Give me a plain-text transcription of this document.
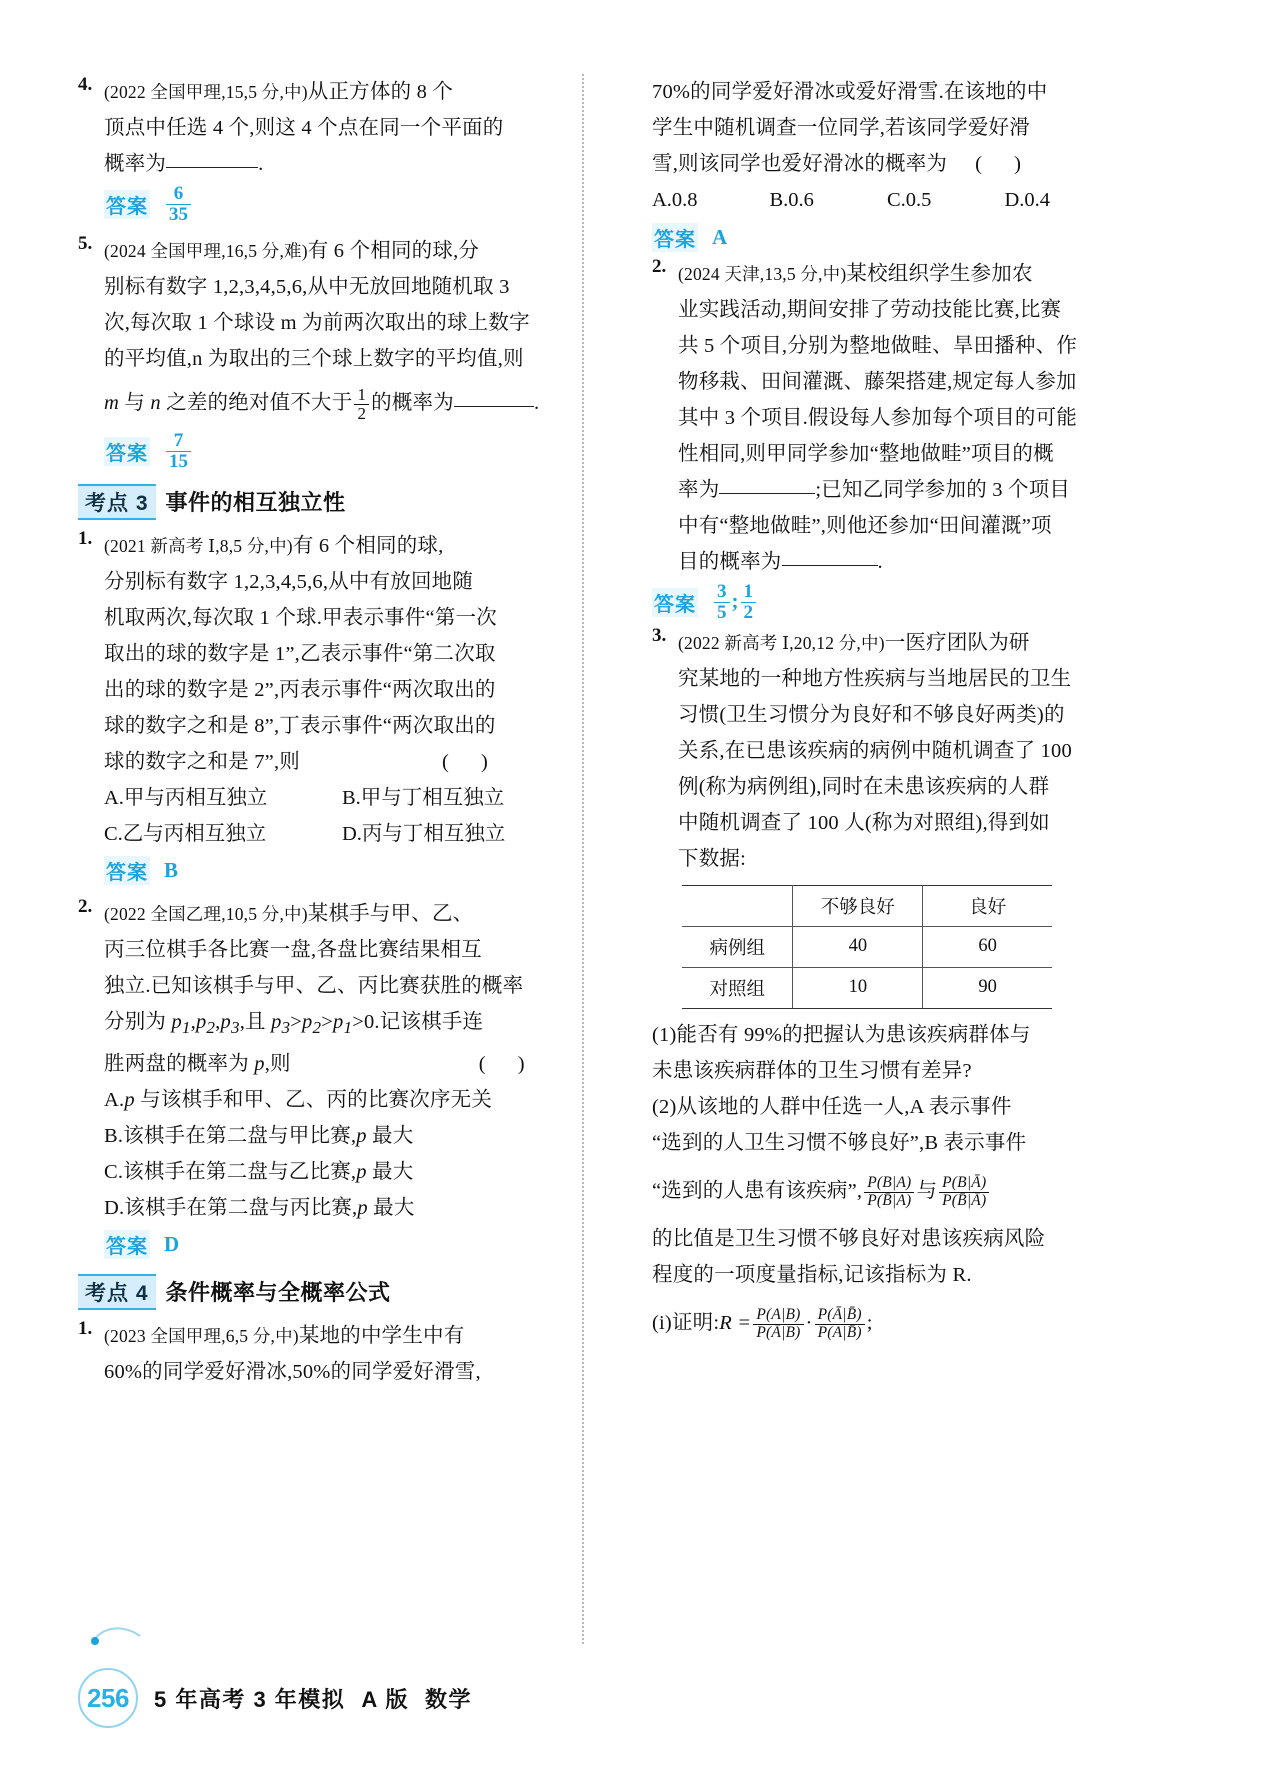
4. (2022 全国甲理,15,5 分,中)从正方体的 8 个
顶点中任选 4 个,则这 4 个点在同一个平面的
概率为	.
答案 $\frac{6}{35}$
5. (2024 全国甲理,16,5 分,难)有 6 个相同的球,分
别标有数字 1,2,3,4,5,6,从中无放回地随机取 3
次,每次取 1 个球设 m 为前两次取出的球上数字
的平均值,n 为取出的三个球上数字的平均值,则
m 与 n 之差的绝对值不大于 $\frac{1}{2}$ 的概率为	.
答案 $\frac{7}{15}$
考点 3 事件的相互独立性
1. (2021 新高考 Ⅰ,8,5 分,中)有 6 个相同的球,
分别标有数字 1,2,3,4,5,6,从中有放回地随
机取两次,每次取 1 个球.甲表示事件“第一次
取出的球的数字是 1”,乙表示事件“第二次取
出的球的数字是 2”,丙表示事件“两次取出的
球的数字之和是 8”,丁表示事件“两次取出的
球的数字之和是 7”,则	( )
A.甲与丙相互独立	B.甲与丁相互独立
C.乙与丙相互独立	D.丙与丁相互独立
答案 B
2. (2022 全国乙理,10,5 分,中)某棋手与甲、乙、
丙三位棋手各比赛一盘,各盘比赛结果相互
独立.已知该棋手与甲、乙、丙比赛获胜的概率
分别为 $p_1,p_2,p_3$,且 $p_3>p_2>p_1>0$.记该棋手连
胜两盘的概率为 p,则	( )
A.p 与该棋手和甲、乙、丙的比赛次序无关
B.该棋手在第二盘与甲比赛,p 最大
C.该棋手在第二盘与乙比赛,p 最大
D.该棋手在第二盘与丙比赛,p 最大
答案 D
考点 4 条件概率与全概率公式
1. (2023 全国甲理,6,5 分,中)某地的中学生中有
60%的同学爱好滑冰,50%的同学爱好滑雪,
70%的同学爱好滑冰或爱好滑雪.在该地的中
学生中随机调查一位同学,若该同学爱好滑
雪,则该同学也爱好滑冰的概率为 ( )
A.0.8	B.0.6	C.0.5	D.0.4
答案 A
2. (2024 天津,13,5 分,中)某校组织学生参加农
业实践活动,期间安排了劳动技能比赛,比赛
共 5 个项目,分别为整地做畦、旱田播种、作
物移栽、田间灌溉、藤架搭建,规定每人参加
其中 3 个项目.假设每人参加每个项目的可能
性相同,则甲同学参加“整地做畦”项目的概
率为	;已知乙同学参加的 3 个项目
中有“整地做畦”,则他还参加“田间灌溉”项
目的概率为	.
答案 $\frac{3}{5}$ ; $\frac{1}{2}$
3. (2022 新高考 Ⅰ,20,12 分,中)一医疗团队为研
究某地的一种地方性疾病与当地居民的卫生
习惯(卫生习惯分为良好和不够良好两类)的
关系,在已患该疾病的病例中随机调查了 100
例(称为病例组),同时在未患该疾病的人群
中随机调查了 100 人(称为对照组),得到如
下数据:
	不够良好	良好
病例组	40	60
对照组	10	90
(1)能否有 99%的把握认为患该疾病群体与
未患该疾病群体的卫生习惯有差异?
(2)从该地的人群中任选一人,A 表示事件
“选到的人卫生习惯不够良好”,B 表示事件
“选到的人患有该疾病”, $\frac{P(B|A)}{P(B̄|A)}$ 与 $\frac{P(B|Ā)}{P(B̄|Ā)}$
的比值是卫生习惯不够良好对患该疾病风险
程度的一项度量指标,记该指标为 R.
(i)证明:R = $\frac{P(A|B)}{P(Ā|B)} \cdot \frac{P(Ā|B̄)}{P(A|B̄)}$ ;
256	5 年高考 3 年模拟 A 版 数学
